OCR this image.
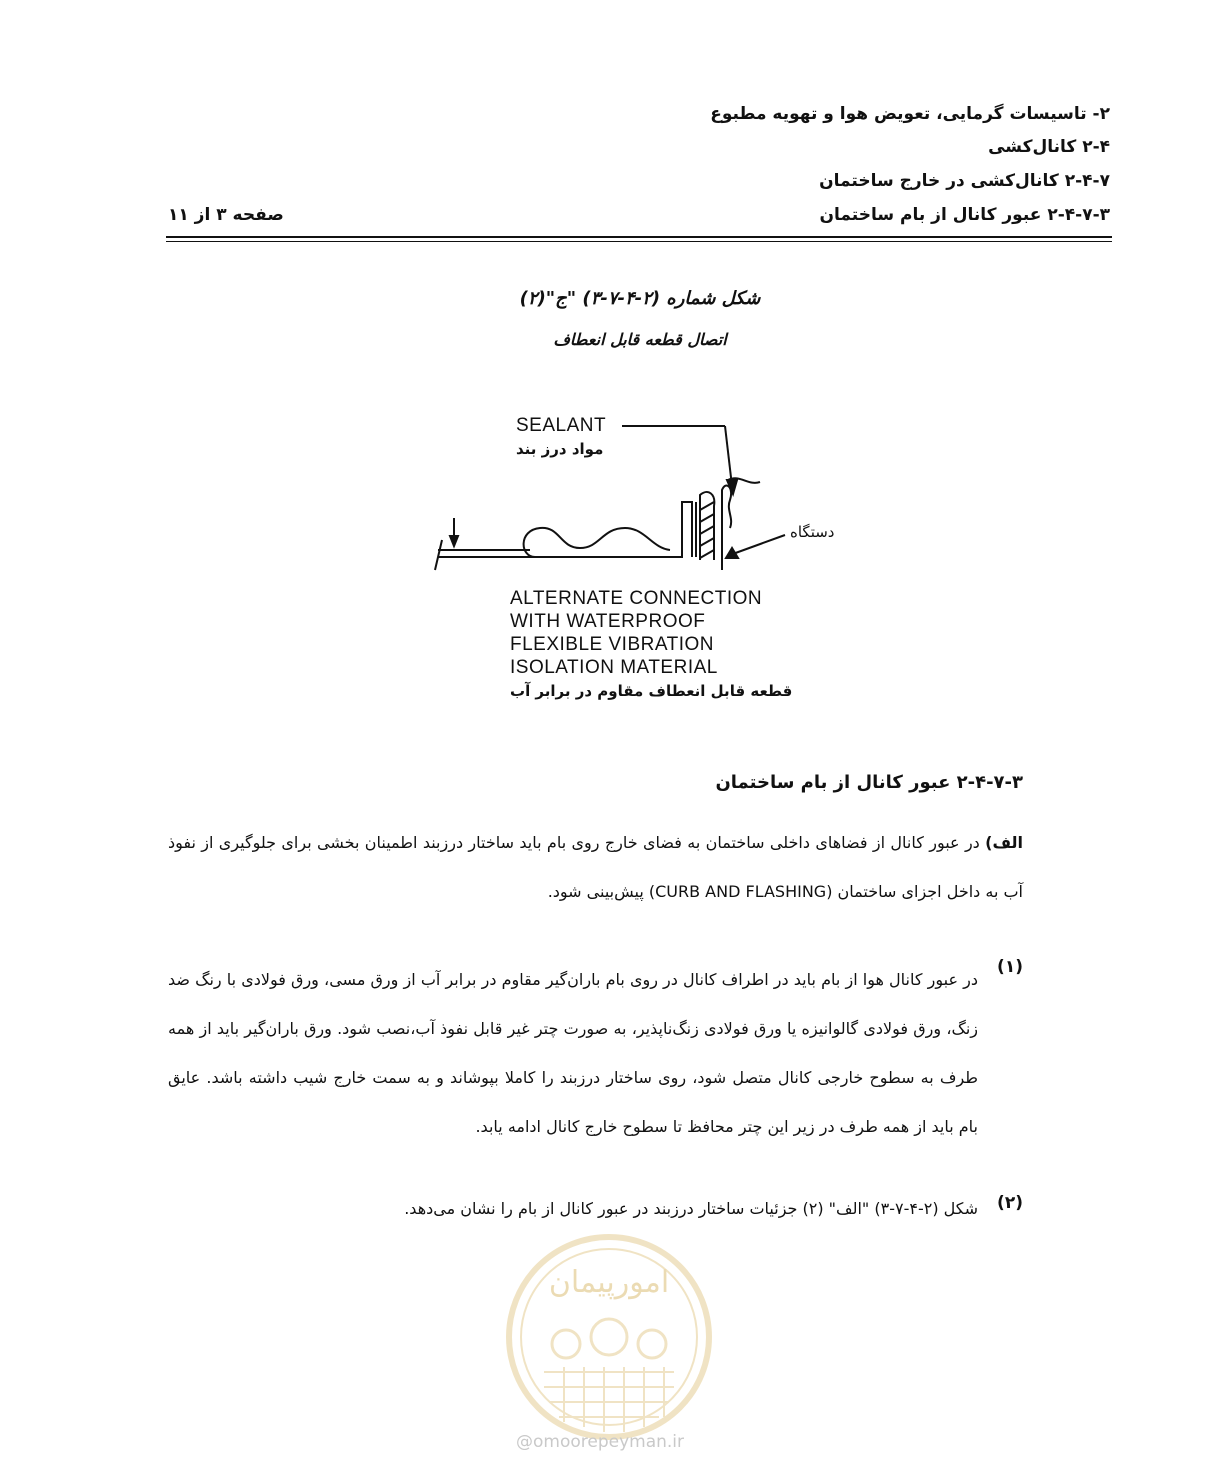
۲- تاسیسات گرمایی، تعویض هوا و تهویه مطبوع
۲-۴ کانال‌کشی
۲-۴-۷ کانال‌کشی در خارج ساختمان
۲-۴-۷-۳ عبور کانال از بام ساختمان
صفحه ۳ از ۱۱
شکل شماره (۲-۴-۷-۳) "ج"(۲)
اتصال قطعه قابل انعطاف
SEALANT
مواد درز بند
دستگاه
ALTERNATE CONNECTION
WITH WATERPROOF
FLEXIBLE VIBRATION
ISOLATION MATERIAL
قطعه قابل انعطاف مقاوم در برابر آب
۲-۴-۷-۳ عبور کانال از بام ساختمان
الف) در عبور کانال از فضاهای داخلی ساختمان به فضای خارج روی بام باید ساختار درزبند اطمینان بخشی برای جلوگیری از نفوذ آب به داخل اجزای ساختمان (CURB AND FLASHING) پیش‌بینی شود.
(۱)
در عبور کانال هوا از بام باید در اطراف کانال در روی بام باران‌گیر مقاوم در برابر آب از ورق مسی، ورق فولادی با رنگ ضد زنگ، ورق فولادی گالوانیزه یا ورق فولادی زنگ‌ناپذیر، به صورت چتر غیر قابل نفوذ آب،نصب شود. ورق باران‌گیر باید از همه طرف به سطوح خارجی کانال متصل شود، روی ساختار درزبند را کاملا بپوشاند و به سمت خارج شیب داشته باشد. عایق بام باید از همه طرف در زیر این چتر محافظ تا سطوح خارج کانال ادامه یابد.
(۲)
شکل (۲-۴-۷-۳) "الف" (۲) جزئیات ساختار درزبند در عبور کانال از بام را نشان می‌دهد.
امورپیمان
@omoorepeyman.ir
